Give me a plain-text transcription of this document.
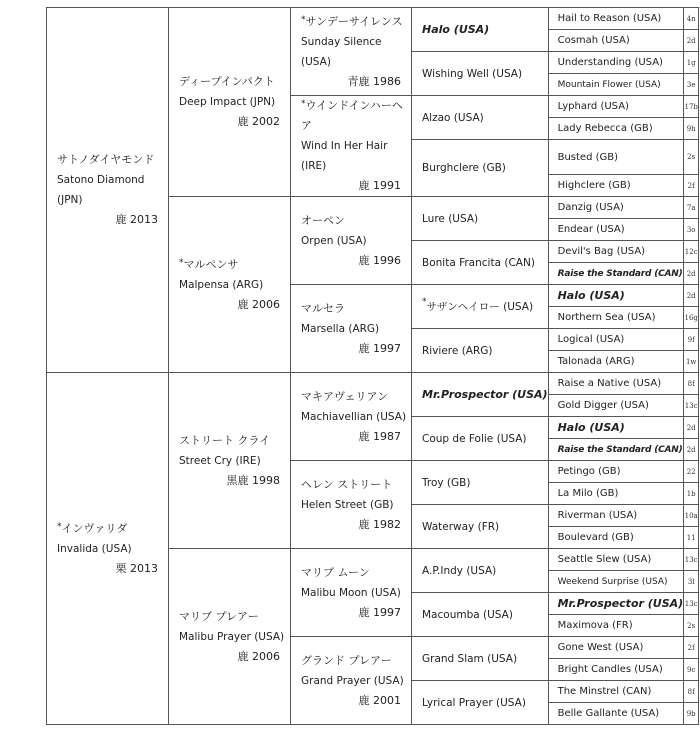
サトノダイヤモンド
Satono Diamond (JPN)
鹿 2013	ディープインパクト
Deep Impact (JPN)
鹿 2002	*サンデーサイレンス
Sunday Silence (USA)
青鹿 1986	Halo (USA)	Hail to Reason (USA)	4n

				Cosmah (USA)	2d

			Wishing Well (USA)	Understanding (USA)	1g

				Mountain Flower (USA)	3e

		*ウインドインハーヘア
Wind In Her Hair (IRE)
鹿 1991	Alzao (USA)	Lyphard (USA)	17b

				Lady Rebecca (GB)	9h

			Burghclere (GB)	Busted (GB)	2s

				Highclere (GB)	2f

	*マルペンサ
Malpensa (ARG)
鹿 2006	オーペン
Orpen (USA)
鹿 1996	Lure (USA)	Danzig (USA)	7a

				Endear (USA)	3o

			Bonita Francita (CAN)	Devil's Bag (USA)	12c

				Raise the Standard (CAN)	2d

		マルセラ
Marsella (ARG)
鹿 1997	*サザンヘイロー (USA)	Halo (USA)	2d

				Northern Sea (USA)	16g

			Riviere (ARG)	Logical (USA)	9f

				Talonada (ARG)	1w

*インヴァリダ
Invalida (USA)
栗 2013	ストリート クライ
Street Cry (IRE)
黒鹿 1998	マキアヴェリアン
Machiavellian (USA)
鹿 1987	Mr.Prospector (USA)	Raise a Native (USA)	8f

				Gold Digger (USA)	13c

			Coup de Folie (USA)	Halo (USA)	2d

				Raise the Standard (CAN)	2d

		ヘレン ストリート
Helen Street (GB)
鹿 1982	Troy (GB)	Petingo (GB)	22

				La Milo (GB)	1b

			Waterway (FR)	Riverman (USA)	10a

				Boulevard (GB)	11

	マリブ プレアー
Malibu Prayer (USA)
鹿 2006	マリブ ムーン
Malibu Moon (USA)
鹿 1997	A.P.Indy (USA)	Seattle Slew (USA)	13c

				Weekend Surprise (USA)	3l

			Macoumba (USA)	Mr.Prospector (USA)	13c

				Maximova (FR)	2s

		グランド プレアー
Grand Prayer (USA)
鹿 2001	Grand Slam (USA)	Gone West (USA)	2f

				Bright Candles (USA)	9c

			Lyrical Prayer (USA)	The Minstrel (CAN)	8f

				Belle Gallante (USA)	9b
